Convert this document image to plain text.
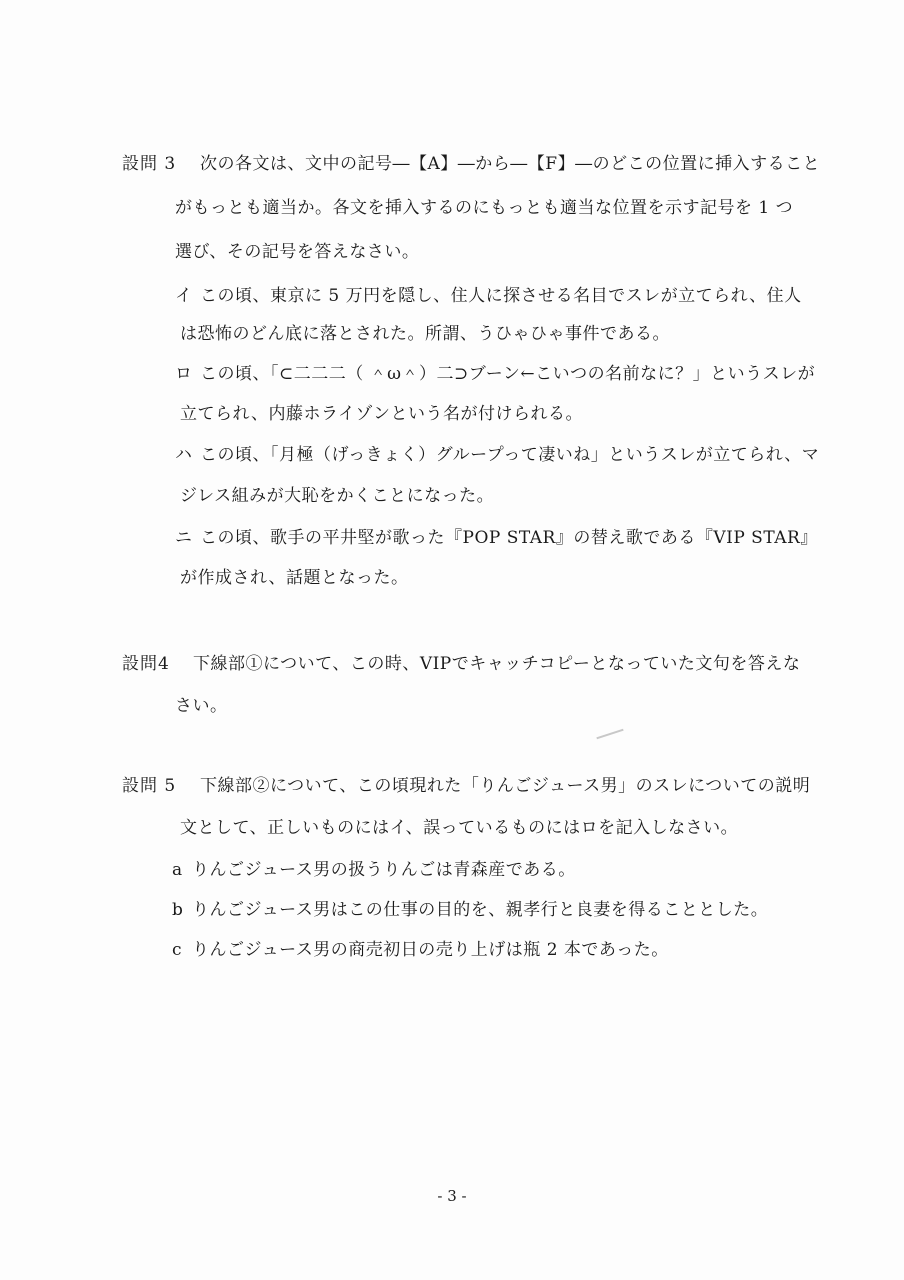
設問 3 次の各文は、文中の記号―【A】―から―【F】―のどこの位置に挿入すること
がもっとも適当か。各文を挿入するのにもっとも適当な位置を示す記号を 1 つ
選び、その記号を答えなさい。
イ この頃、東京に 5 万円を隠し、住人に探させる名目でスレが立てられ、住人
は恐怖のどん底に落とされた。所謂、うひゃひゃ事件である。
ロ この頃、「⊂二二二（ ＾ω＾）二⊃ブーン←こいつの名前なに？」というスレが
立てられ、内藤ホライゾンという名が付けられる。
ハ この頃、「月極（げっきょく）グループって凄いね」というスレが立てられ、マ
ジレス組みが大恥をかくことになった。
ニ この頃、歌手の平井堅が歌った『POP STAR』の替え歌である『VIP STAR』
が作成され、話題となった。
設問4 下線部①について、この時、VIPでキャッチコピーとなっていた文句を答えな
さい。
設問 5 下線部②について、この頃現れた「りんごジュース男」のスレについての説明
文として、正しいものにはイ、誤っているものにはロを記入しなさい。
a りんごジュース男の扱うりんごは青森産である。
b りんごジュース男はこの仕事の目的を、親孝行と良妻を得ることとした。
c りんごジュース男の商売初日の売り上げは瓶 2 本であった。
- 3 -
